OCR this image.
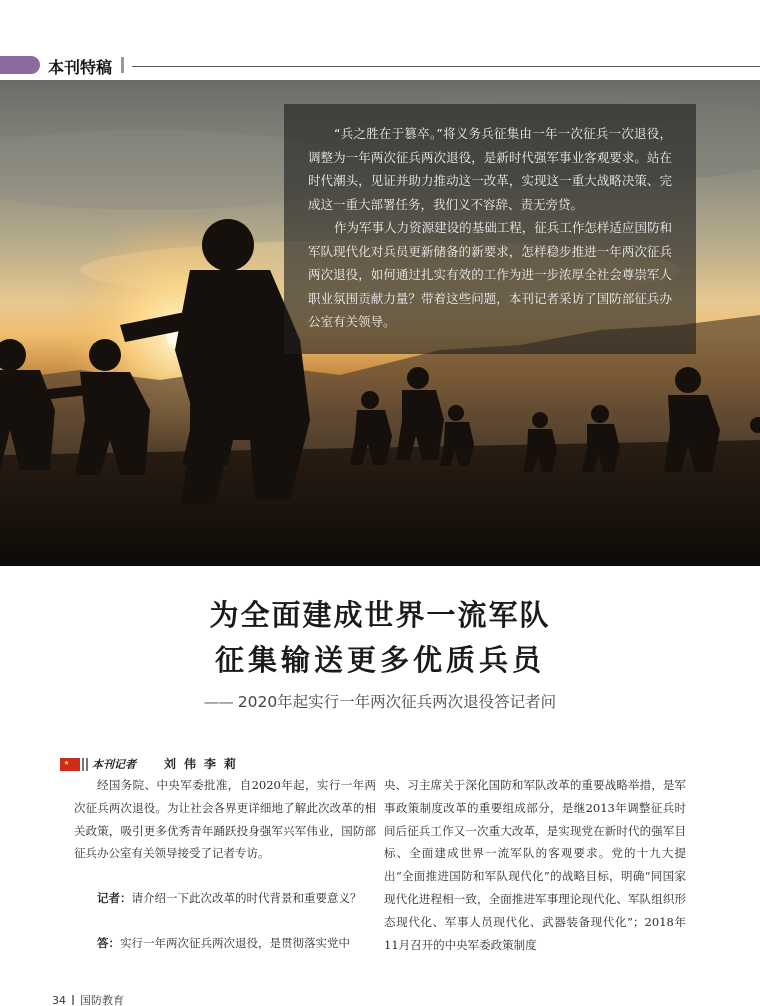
本刊特稿

“兵之胜在于篡卒。”将义务兵征集由一年一次征兵一次退役，调整为一年两次征兵两次退役，是新时代强军事业客观要求。站在时代潮头，见证并助力推动这一改革，实现这一重大战略决策、完成这一重大部署任务，我们义不容辞、责无旁贷。

作为军事人力资源建设的基础工程，征兵工作怎样适应国防和军队现代化对兵员更新储备的新要求，怎样稳步推进一年两次征兵两次退役，如何通过扎实有效的工作为进一步浓厚全社会尊崇军人职业氛围贡献力量？带着这些问题，本刊记者采访了国防部征兵办公室有关领导。

为全面建成世界一流军队
征集输送更多优质兵员
—— 2020年起实行一年两次征兵两次退役答记者问
本刊记者 刘伟李莉

经国务院、中央军委批准，自2020年起，实行一年两次征兵两次退役。为让社会各界更详细地了解此次改革的相关政策，吸引更多优秀青年踊跃投身强军兴军伟业，国防部征兵办公室有关领导接受了记者专访。

记者：请介绍一下此次改革的时代背景和重要意义？

答：实行一年两次征兵两次退役，是贯彻落实党中

央、习主席关于深化国防和军队改革的重要战略举措，是军事政策制度改革的重要组成部分，是继2013年调整征兵时间后征兵工作又一次重大改革，是实现党在新时代的强军目标、全面建成世界一流军队的客观要求。党的十九大提出“全面推进国防和军队现代化”的战略目标，明确“同国家现代化进程相一致，全面推进军事理论现代化、军队组织形态现代化、军事人员现代化、武器装备现代化”；2018年11月召开的中央军委政策制度

34 国防教育
